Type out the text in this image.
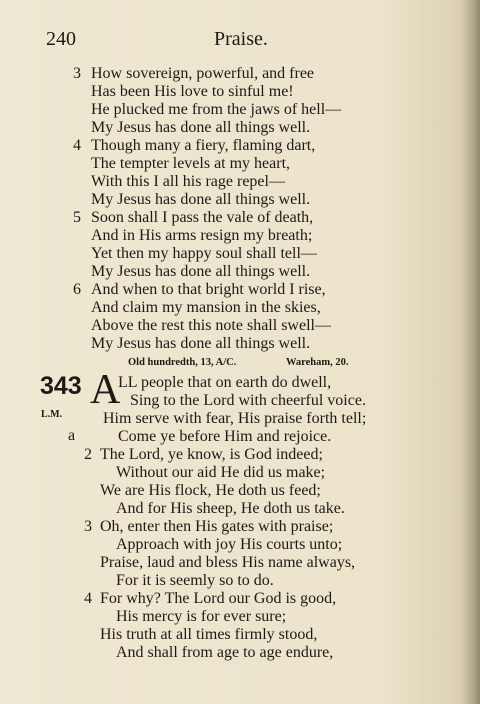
240	Praise.
3 How sovereign, powerful, and free
Has been His love to sinful me!
He plucked me from the jaws of hell—
My Jesus has done all things well.
4 Though many a fiery, flaming dart,
The tempter levels at my heart,
With this I all his rage repel—
My Jesus has done all things well.
5 Soon shall I pass the vale of death,
And in His arms resign my breath;
Yet then my happy soul shall tell—
My Jesus has done all things well.
6 And when to that bright world I rise,
And claim my mansion in the skies,
Above the rest this note shall swell—
My Jesus has done all things well.
Old hundredth, 13, A/C.	Wareham, 20.
343 A
L.M.
a
LL people that on earth do dwell,
Sing to the Lord with cheerful voice.
Him serve with fear, His praise forth tell;
Come ye before Him and rejoice.
2 The Lord, ye know, is God indeed;
Without our aid He did us make;
We are His flock, He doth us feed;
And for His sheep, He doth us take.
3 Oh, enter then His gates with praise;
Approach with joy His courts unto;
Praise, laud and bless His name always,
For it is seemly so to do.
4 For why? The Lord our God is good,
His mercy is for ever sure;
His truth at all times firmly stood,
And shall from age to age endure,
